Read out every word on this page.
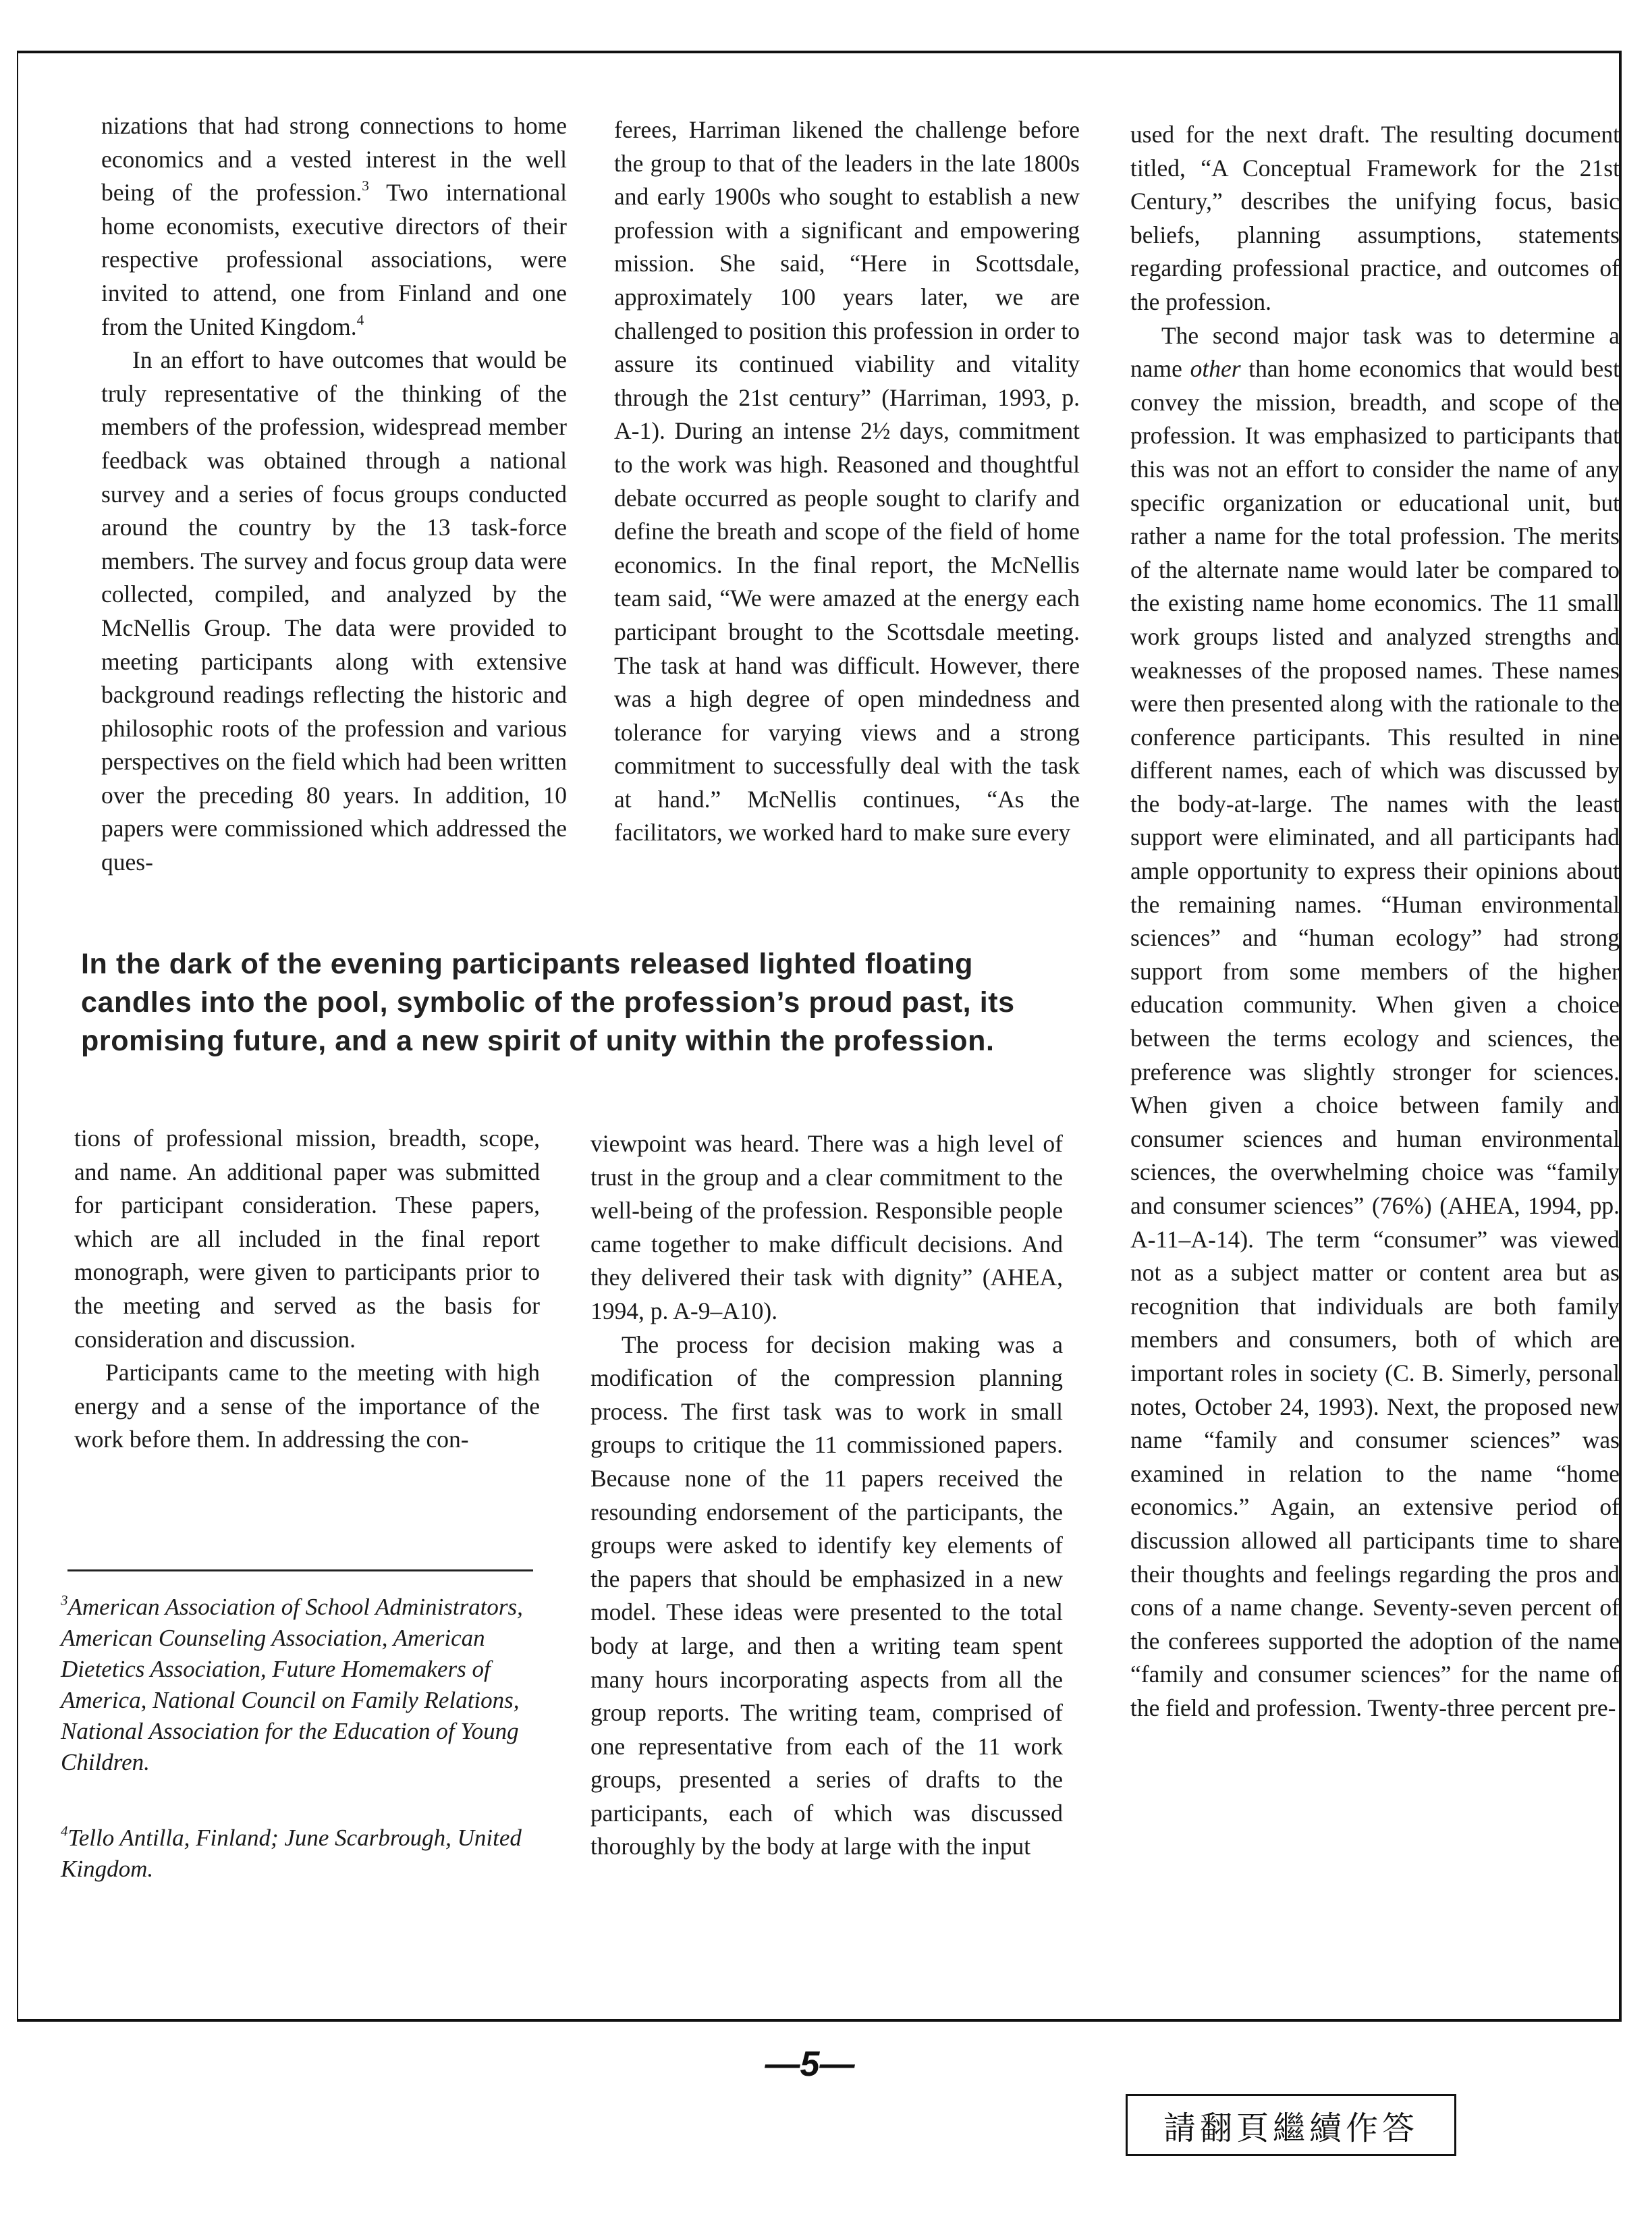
nizations that had strong connections to home economics and a vested interest in the well being of the profession.$^3$ Two international home economists, executive directors of their respective professional associations, were invited to attend, one from Finland and one from the United Kingdom.$^4$

In an effort to have outcomes that would be truly representative of the thinking of the members of the profession, widespread member feedback was obtained through a national survey and a series of focus groups conducted around the country by the 13 task-force members. The survey and focus group data were collected, compiled, and analyzed by the McNellis Group. The data were provided to meeting participants along with extensive background readings reflecting the historic and philosophic roots of the profession and various perspectives on the field which had been written over the preceding 80 years. In addition, 10 papers were commissioned which addressed the ques-

ferees, Harriman likened the challenge before the group to that of the leaders in the late 1800s and early 1900s who sought to establish a new profession with a significant and empowering mission. She said, “Here in Scottsdale, approximately 100 years later, we are challenged to position this profession in order to assure its continued viability and vitality through the 21st century” (Harriman, 1993, p. A-1). During an intense 2½ days, commitment to the work was high. Reasoned and thoughtful debate occurred as people sought to clarify and define the breath and scope of the field of home economics. In the final report, the McNellis team said, “We were amazed at the energy each participant brought to the Scottsdale meeting. The task at hand was difficult. However, there was a high degree of open mindedness and tolerance for varying views and a strong commitment to successfully deal with the task at hand.” McNellis continues, “As the facilitators, we worked hard to make sure every

used for the next draft. The resulting document titled, “A Conceptual Framework for the 21st Century,” describes the unifying focus, basic beliefs, planning assumptions, statements regarding professional practice, and outcomes of the profession.

The second major task was to determine a name other than home economics that would best convey the mission, breadth, and scope of the profession. It was emphasized to participants that this was not an effort to consider the name of any specific organization or educational unit, but rather a name for the total profession. The merits of the alternate name would later be compared to the existing name home economics. The 11 small work groups listed and analyzed strengths and weaknesses of the proposed names. These names were then presented along with the rationale to the conference participants. This resulted in nine different names, each of which was discussed by the body-at-large. The names with the least support were eliminated, and all participants had ample opportunity to express their opinions about the remaining names. “Human environmental sciences” and “human ecology” had strong support from some members of the higher education community. When given a choice between the terms ecology and sciences, the preference was slightly stronger for sciences. When given a choice between family and consumer sciences and human environmental sciences, the overwhelming choice was “family and consumer sciences” (76%) (AHEA, 1994, pp. A-11–A-14). The term “consumer” was viewed not as a subject matter or content area but as recognition that individuals are both family members and consumers, both of which are important roles in society (C. B. Simerly, personal notes, October 24, 1993). Next, the proposed new name “family and consumer sciences” was examined in relation to the name “home economics.” Again, an extensive period of discussion allowed all participants time to share their thoughts and feelings regarding the pros and cons of a name change. Seventy-seven percent of the conferees supported the adoption of the name “family and consumer sciences” for the name of the field and profession. Twenty-three percent pre-

In the dark of the evening participants released lighted floating

candles into the pool, symbolic of the profession’s proud past, its

promising future, and a new spirit of unity within the profession.

tions of professional mission, breadth, scope, and name. An additional paper was submitted for participant consideration. These papers, which are all included in the final report monograph, were given to participants prior to the meeting and served as the basis for consideration and discussion.

Participants came to the meeting with high energy and a sense of the importance of the work before them. In addressing the con-

viewpoint was heard. There was a high level of trust in the group and a clear commitment to the well-being of the profession. Responsible people came together to make difficult decisions. And they delivered their task with dignity” (AHEA, 1994, p. A-9–A10).

The process for decision making was a modification of the compression planning process. The first task was to work in small groups to critique the 11 commissioned papers. Because none of the 11 papers received the resounding endorsement of the participants, the groups were asked to identify key elements of the papers that should be emphasized in a new model. These ideas were presented to the total body at large, and then a writing team spent many hours incorporating aspects from all the group reports. The writing team, comprised of one representative from each of the 11 work groups, presented a series of drafts to the participants, each of which was discussed thoroughly by the body at large with the input

$^3$American Association of School Administrators, American Counseling Association, American Dietetics Association, Future Homemakers of America, National Council on Family Relations, National Association for the Education of Young Children.

$^4$Tello Antilla, Finland; June Scarbrough, United Kingdom.

—5—
請翻頁繼續作答
